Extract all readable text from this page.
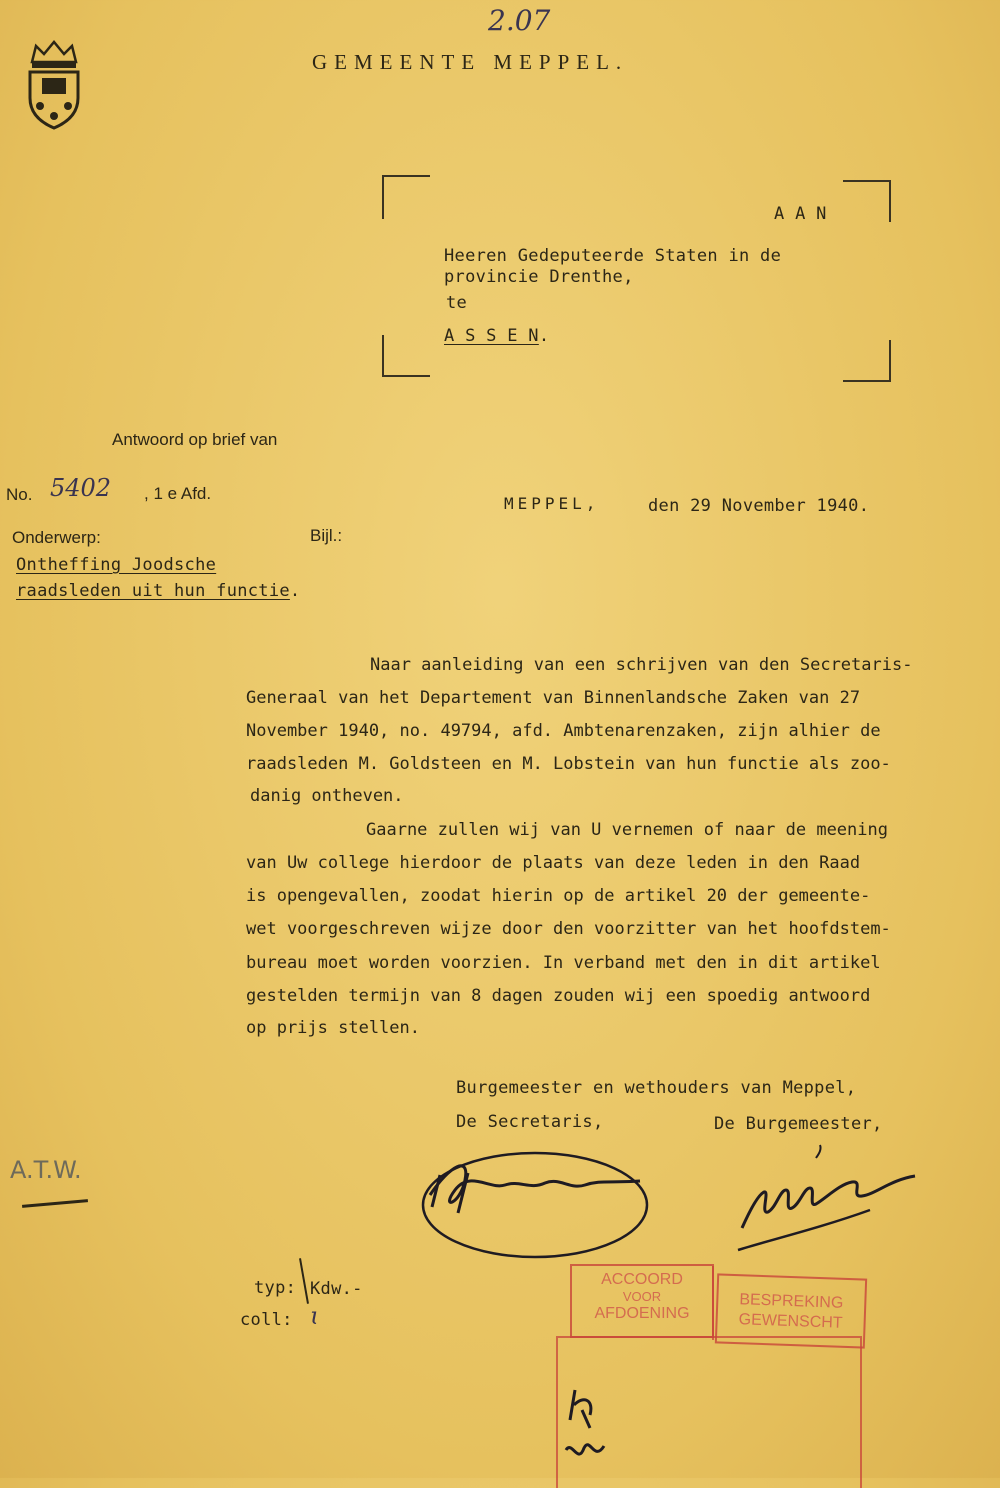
2.07
GEMEENTE MEPPEL.
A A N
Heeren Gedeputeerde Staten in de
provincie Drenthe,
te
A S S E N.
Antwoord op brief van
No. 5402 , 1 e Afd.
Onderwerp:	Bijl.:
Ontheffing Joodsche
raadsleden uit hun functie.
MEPPEL,	den 29 November 1940.
Naar aanleiding van een schrijven van den Secretaris-
Generaal van het Departement van Binnenlandsche Zaken van 27
November 1940, no. 49794, afd. Ambtenarenzaken, zijn alhier de
raadsleden M. Goldsteen en M. Lobstein van hun functie als zoo-
danig ontheven.
Gaarne zullen wij van U vernemen of naar de meening
van Uw college hierdoor de plaats van deze leden in den Raad
is opengevallen, zoodat hierin op de artikel 20 der gemeente-
wet voorgeschreven wijze door den voorzitter van het hoofdstem-
bureau moet worden voorzien. In verband met den in dit artikel
gestelden termijn van 8 dagen zouden wij een spoedig antwoord
op prijs stellen.
Burgemeester en wethouders van Meppel,
De Secretaris,	De Burgemeester,
A.T.W.
typ: Kdw.-
coll: ɩ
ACCOORD
VOOR
AFDOENING
BESPREKING
GEWENSCHT
